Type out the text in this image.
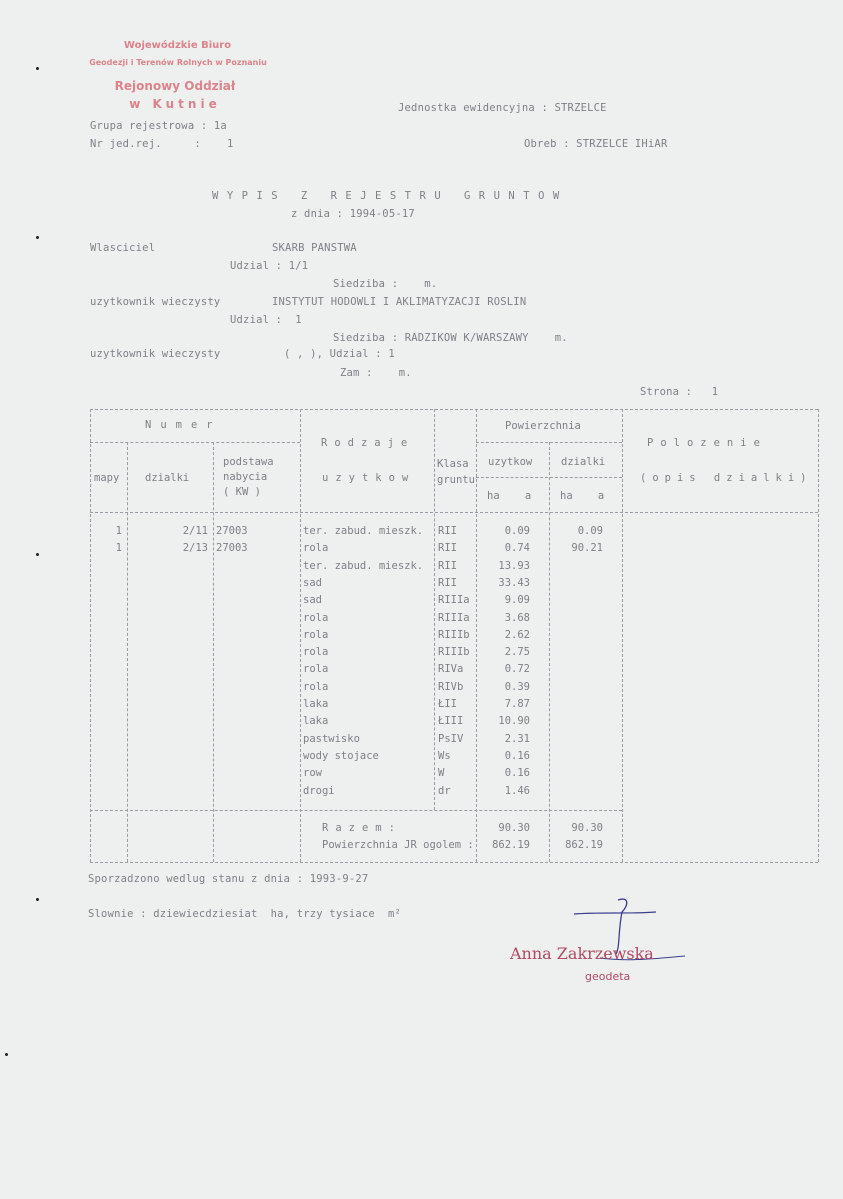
Wojewódzkie Biuro
Geodezji i Terenów Rolnych w Poznaniu
Rejonowy Oddział
w Kutnie	Jednostka ewidencyjna : STRZELCE
Grupa rejestrowa : 1a
Nr jed.rej.     :    1	Obreb : STRZELCE IHiAR
WYPIS Z REJESTRU GRUNTOW
z dnia : 1994-05-17
Wlasciciel	SKARB PANSTWA
Udzial : 1/1
Siedziba :    m.
uzytkownik wieczysty	INSTYTUT HODOWLI I AKLIMATYZACJI ROSLIN
Udzial :  1
Siedziba : RADZIKOW K/WARSZAWY    m.
uzytkownik wieczysty	( , ), Udzial : 1
Zam :    m.
Strona :   1
Numer
mapy dzialki
podstawa
nabycia
( KW )
Rodzaje
uzytkow
Klasa
gruntu
Powierzchnia
uzytkow	dzialki
ha    a	ha    a
Polozenie
(opis dzialki)
1	2/11 27003	ter. zabud. mieszk.	RII	0.09	0.09
1	2/13 27003	rola	RII	0.74	90.21
ter. zabud. mieszk.	RII	13.93
sad	RII	33.43
sad	RIIIa	9.09
rola	RIIIa	3.68
rola	RIIIb	2.62
rola	RIIIb	2.75
rola	RIVa	0.72
rola	RIVb	0.39
laka	ŁII	7.87
laka	ŁIII	10.90
pastwisko	PsIV	2.31
wody stojace	Ws	0.16
row	W	0.16
drogi	dr	1.46
Razem:	90.30	90.30
Powierzchnia JR ogolem :	862.19	862.19
Sporzadzono wedlug stanu z dnia : 1993-9-27
Slownie : dziewiecdziesiat  ha, trzy tysiace  m²
Anna Zakrzewska
geodeta
